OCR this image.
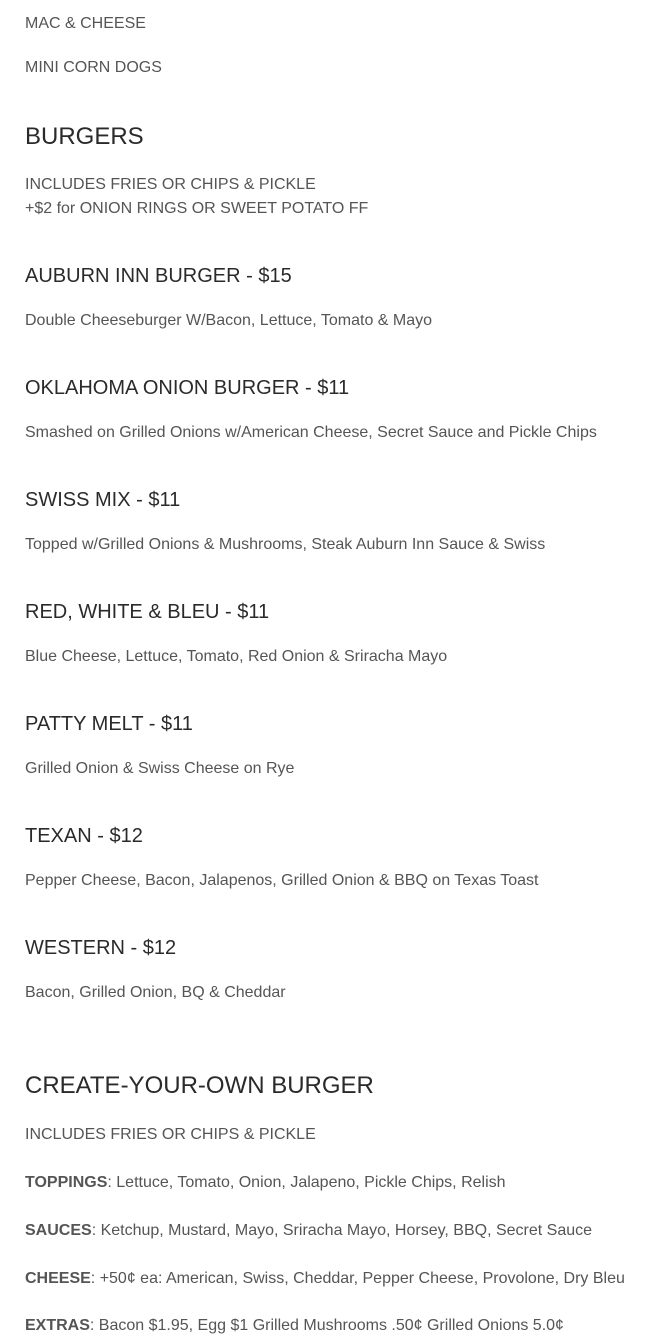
MAC & CHEESE
MINI CORN DOGS
BURGERS
INCLUDES FRIES OR CHIPS & PICKLE
+$2 for ONION RINGS OR SWEET POTATO FF
AUBURN INN BURGER - $15
Double Cheeseburger W/Bacon, Lettuce, Tomato & Mayo
OKLAHOMA ONION BURGER - $11
Smashed on Grilled Onions w/American Cheese, Secret Sauce and Pickle Chips
SWISS MIX - $11
Topped w/Grilled Onions & Mushrooms, Steak Auburn Inn Sauce & Swiss
RED, WHITE & BLEU - $11
Blue Cheese, Lettuce, Tomato, Red Onion & Sriracha Mayo
PATTY MELT - $11
Grilled Onion & Swiss Cheese on Rye
TEXAN - $12
Pepper Cheese, Bacon, Jalapenos, Grilled Onion & BBQ on Texas Toast
WESTERN - $12
Bacon, Grilled Onion, BQ & Cheddar
CREATE-YOUR-OWN BURGER
INCLUDES FRIES OR CHIPS & PICKLE
TOPPINGS: Lettuce, Tomato, Onion, Jalapeno, Pickle Chips, Relish
SAUCES: Ketchup, Mustard, Mayo, Sriracha Mayo, Horsey, BBQ, Secret Sauce
CHEESE: +50¢ ea: American, Swiss, Cheddar, Pepper Cheese, Provolone, Dry Bleu
EXTRAS: Bacon $1.95, Egg $1 Grilled Mushrooms .50¢ Grilled Onions 5.0¢
